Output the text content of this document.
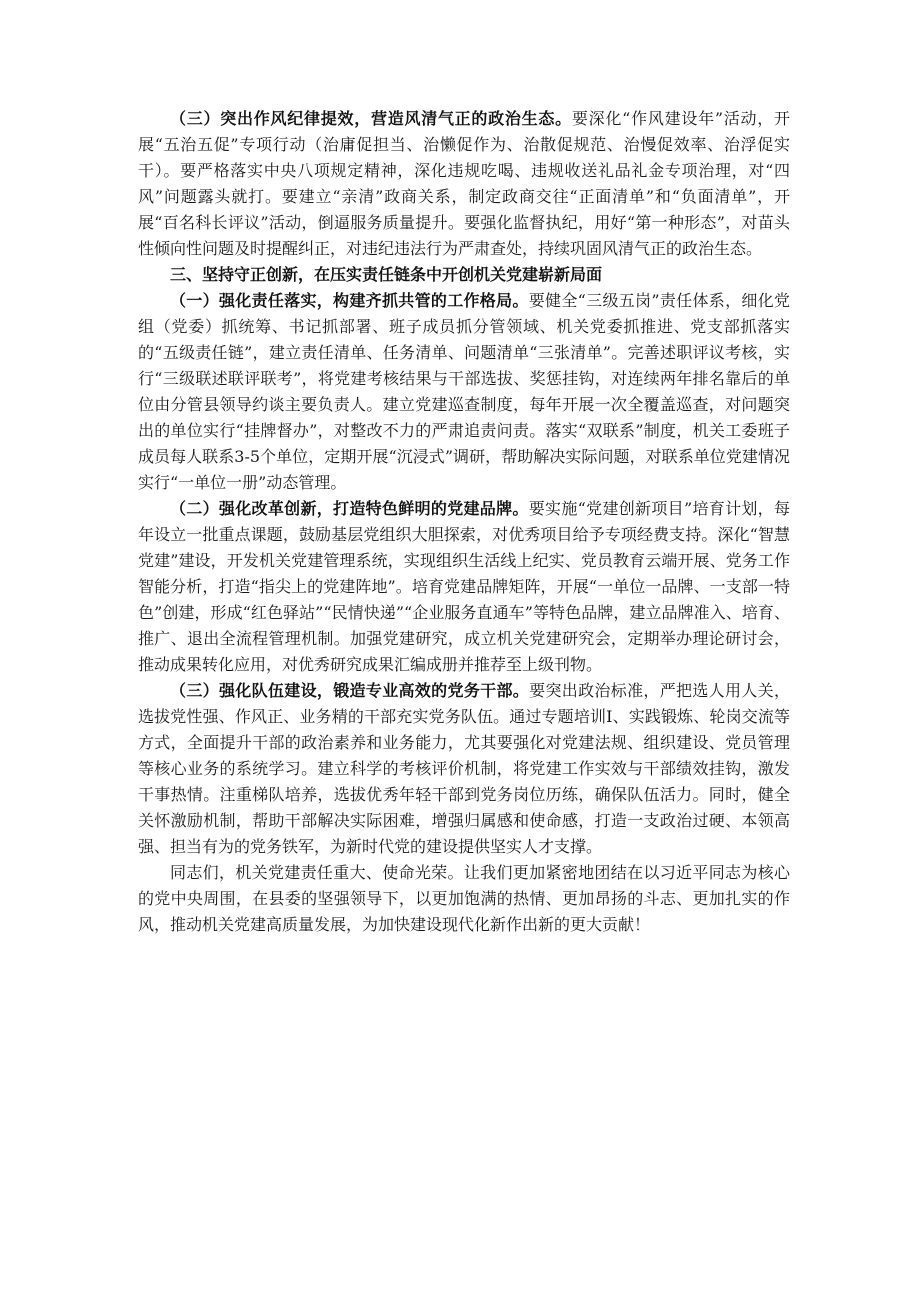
（三）突出作风纪律提效，营造风清气正的政治生态。要深化“作风建设年”活动，开展“五治五促”专项行动（治庸促担当、治懒促作为、治散促规范、治慢促效率、治浮促实干）。要严格落实中央八项规定精神，深化违规吃喝、违规收送礼品礼金专项治理，对“四风”问题露头就打。要建立“亲清”政商关系，制定政商交往“正面清单”和“负面清单”，开展“百名科长评议”活动，倒逼服务质量提升。要强化监督执纪，用好“第一种形态”，对苗头性倾向性问题及时提醒纠正，对违纪违法行为严肃查处，持续巩固风清气正的政治生态。

三、坚持守正创新，在压实责任链条中开创机关党建崭新局面

（一）强化责任落实，构建齐抓共管的工作格局。要健全“三级五岗”责任体系，细化党组（党委）抓统筹、书记抓部署、班子成员抓分管领域、机关党委抓推进、党支部抓落实的“五级责任链”，建立责任清单、任务清单、问题清单“三张清单”。完善述职评议考核，实行“三级联述联评联考”，将党建考核结果与干部选拔、奖惩挂钩，对连续两年排名靠后的单位由分管县领导约谈主要负责人。建立党建巡查制度，每年开展一次全覆盖巡查，对问题突出的单位实行“挂牌督办”，对整改不力的严肃追责问责。落实“双联系”制度，机关工委班子成员每人联系3-5个单位，定期开展“沉浸式”调研，帮助解决实际问题，对联系单位党建情况实行“一单位一册”动态管理。

（二）强化改革创新，打造特色鲜明的党建品牌。要实施“党建创新项目”培育计划，每年设立一批重点课题，鼓励基层党组织大胆探索，对优秀项目给予专项经费支持。深化“智慧党建”建设，开发机关党建管理系统，实现组织生活线上纪实、党员教育云端开展、党务工作智能分析，打造“指尖上的党建阵地”。培育党建品牌矩阵，开展“一单位一品牌、一支部一特色”创建，形成“红色驿站”“民情快递”“企业服务直通车”等特色品牌，建立品牌准入、培育、推广、退出全流程管理机制。加强党建研究，成立机关党建研究会，定期举办理论研讨会，推动成果转化应用，对优秀研究成果汇编成册并推荐至上级刊物。

（三）强化队伍建设，锻造专业高效的党务干部。要突出政治标准，严把选人用人关，选拔党性强、作风正、业务精的干部充实党务队伍。通过专题培训I、实践锻炼、轮岗交流等方式，全面提升干部的政治素养和业务能力，尤其要强化对党建法规、组织建设、党员管理等核心业务的系统学习。建立科学的考核评价机制，将党建工作实效与干部绩效挂钩，激发干事热情。注重梯队培养，选拔优秀年轻干部到党务岗位历练，确保队伍活力。同时，健全关怀激励机制，帮助干部解决实际困难，增强归属感和使命感，打造一支政治过硬、本领高强、担当有为的党务铁军，为新时代党的建设提供坚实人才支撑。

同志们，机关党建责任重大、使命光荣。让我们更加紧密地团结在以习近平同志为核心的党中央周围，在县委的坚强领导下，以更加饱满的热情、更加昂扬的斗志、更加扎实的作风，推动机关党建高质量发展，为加快建设现代化新作出新的更大贡献！
